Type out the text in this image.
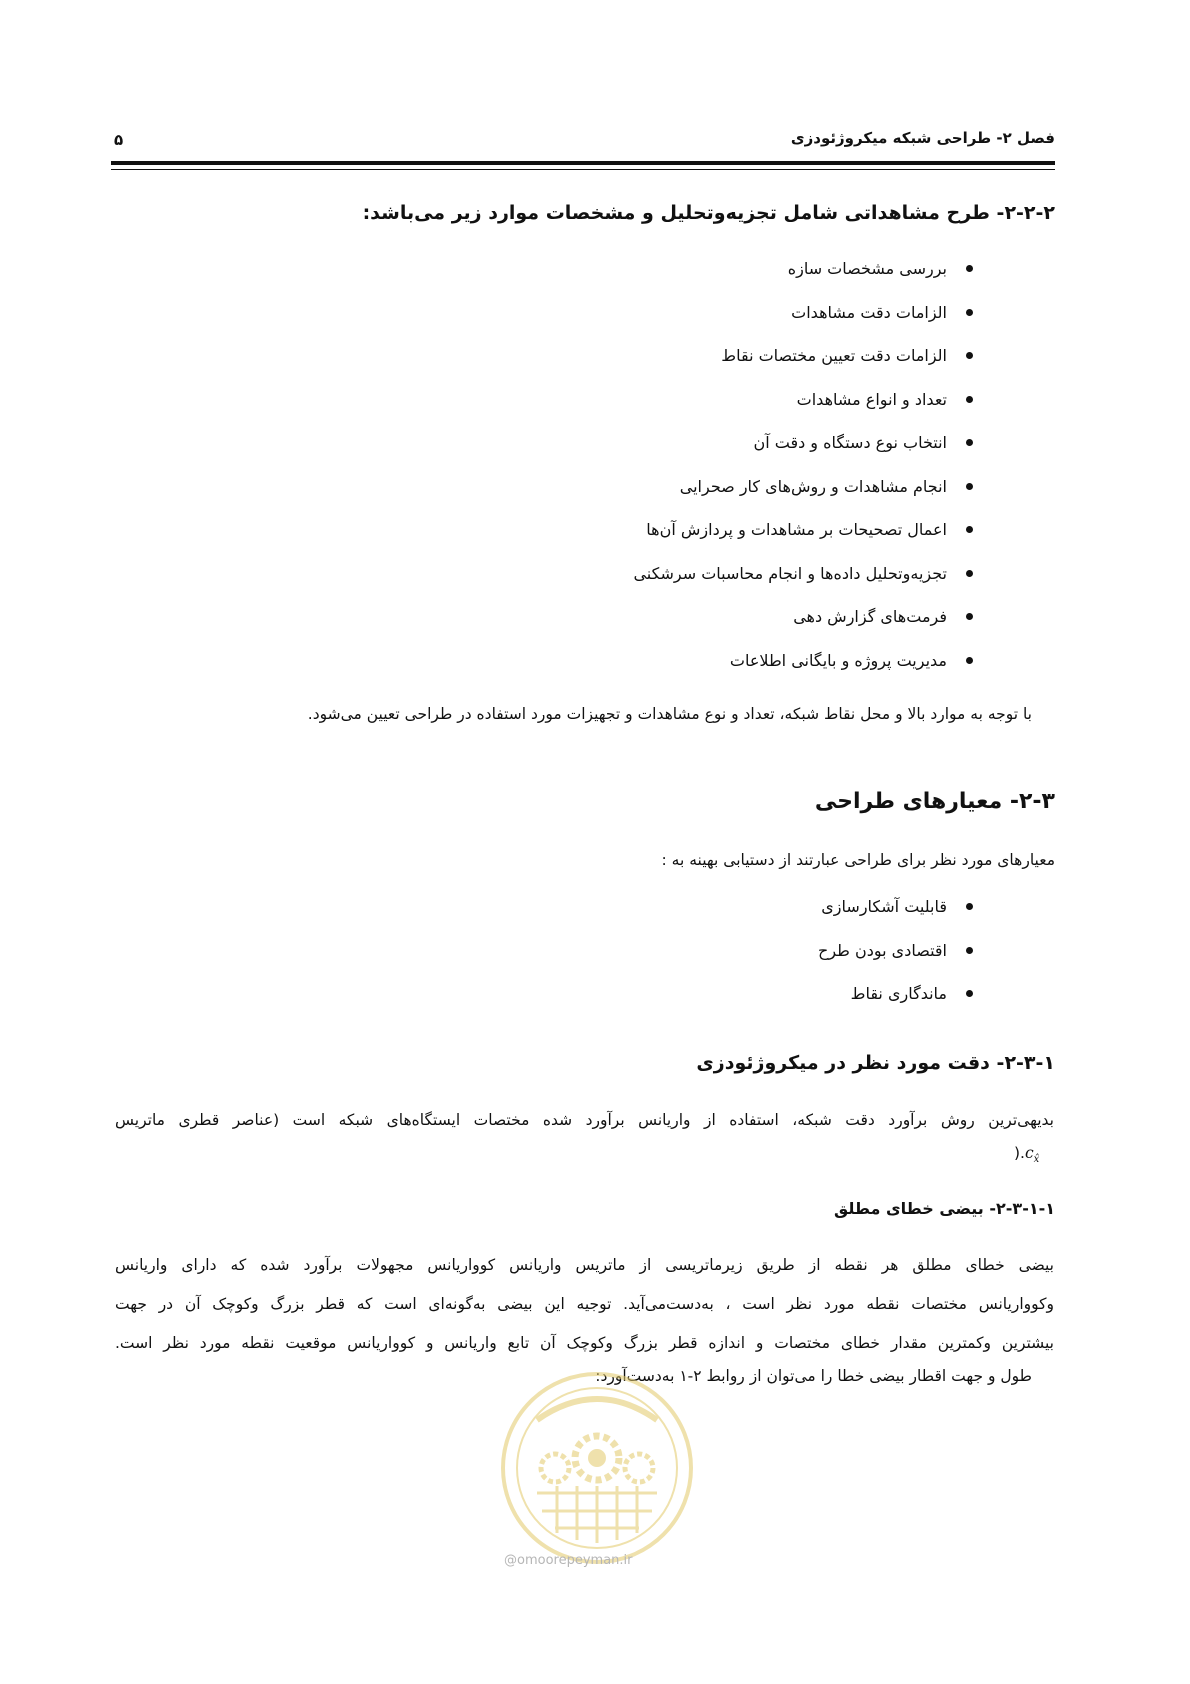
فصل ۲- طراحی شبکه میکروژئودزی
۵
۲-۲-۲- طرح مشاهداتی شامل تجزیه‌وتحلیل و مشخصات موارد زیر می‌باشد:
بررسی مشخصات سازه
الزامات دقت مشاهدات
الزامات دقت تعیین مختصات نقاط
تعداد و انواع مشاهدات
انتخاب نوع دستگاه و دقت آن
انجام مشاهدات و روش‌های کار صحرایی
اعمال تصحیحات بر مشاهدات و پردازش آن‌ها
تجزیه‌وتحلیل داده‌ها و انجام محاسبات سرشکنی
فرمت‌های گزارش دهی
مدیریت پروژه و بایگانی اطلاعات
با توجه به موارد بالا و محل نقاط شبکه، تعداد و نوع مشاهدات و تجهیزات مورد استفاده در طراحی تعیین می‌شود.
۲-۳- معیارهای طراحی
معیارهای مورد نظر برای طراحی عبارتند از دستیابی بهینه به :
قابلیت آشکارسازی
اقتصادی بودن طرح
ماندگاری نقاط
۲-۳-۱- دقت مورد نظر در میکروژئودزی
بدیهی‌ترین روش برآورد دقت شبکه، استفاده از واریانس برآورد شده مختصات ایستگاه‌های شبکه است (عناصر قطری ماتریس
)$.c_{x̂}$
۲-۳-۱-۱- بیضی خطای مطلق
بیضی خطای مطلق هر نقطه از طریق زیرماتریسی از ماتریس واریانس کوواریانس مجهولات برآورد شده که دارای واریانس
وکوواریانس مختصات نقطه مورد نظر است ، به‌دست‌می‌آید. توجیه این بیضی به‌گونه‌ای است که قطر بزرگ وکوچک آن در جهت
بیشترین وکمترین مقدار خطای مختصات و اندازه قطر بزرگ وکوچک آن تابع واریانس و کوواریانس موقعیت نقطه مورد نظر است.
طول و جهت اقطار بیضی خطا را می‌توان از روابط ۲-۱ به‌دست‌آورد:
@omoorepeyman.ir
